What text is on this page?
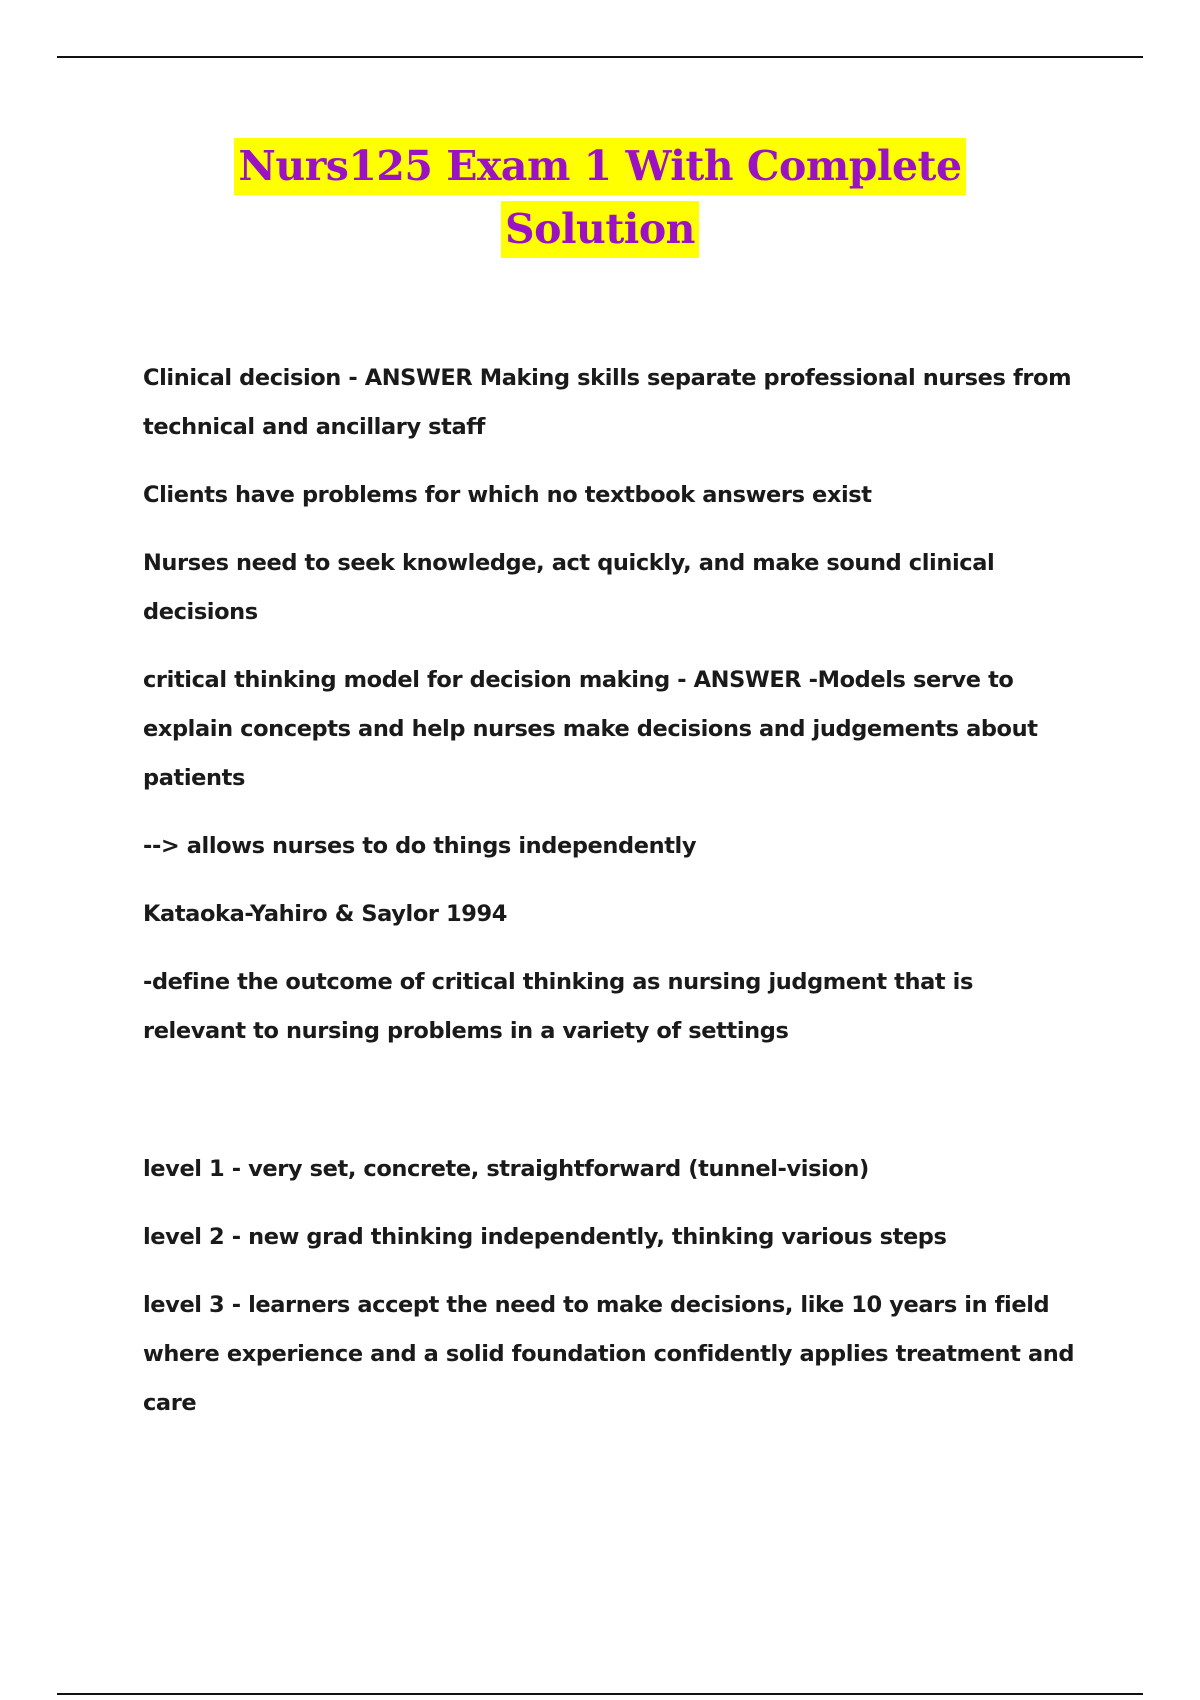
Nurs125 Exam 1 With Complete
Solution

Clinical decision - ANSWER Making skills separate professional nurses from technical and ancillary staff

Clients have problems for which no textbook answers exist

Nurses need to seek knowledge, act quickly, and make sound clinical decisions

critical thinking model for decision making - ANSWER -Models serve to explain concepts and help nurses make decisions and judgements about patients

--> allows nurses to do things independently

Kataoka-Yahiro & Saylor 1994

-define the outcome of critical thinking as nursing judgment that is relevant to nursing problems in a variety of settings

level 1 - very set, concrete, straightforward (tunnel-vision)

level 2 - new grad thinking independently, thinking various steps

level 3 - learners accept the need to make decisions, like 10 years in field where experience and a solid foundation confidently applies treatment and care
